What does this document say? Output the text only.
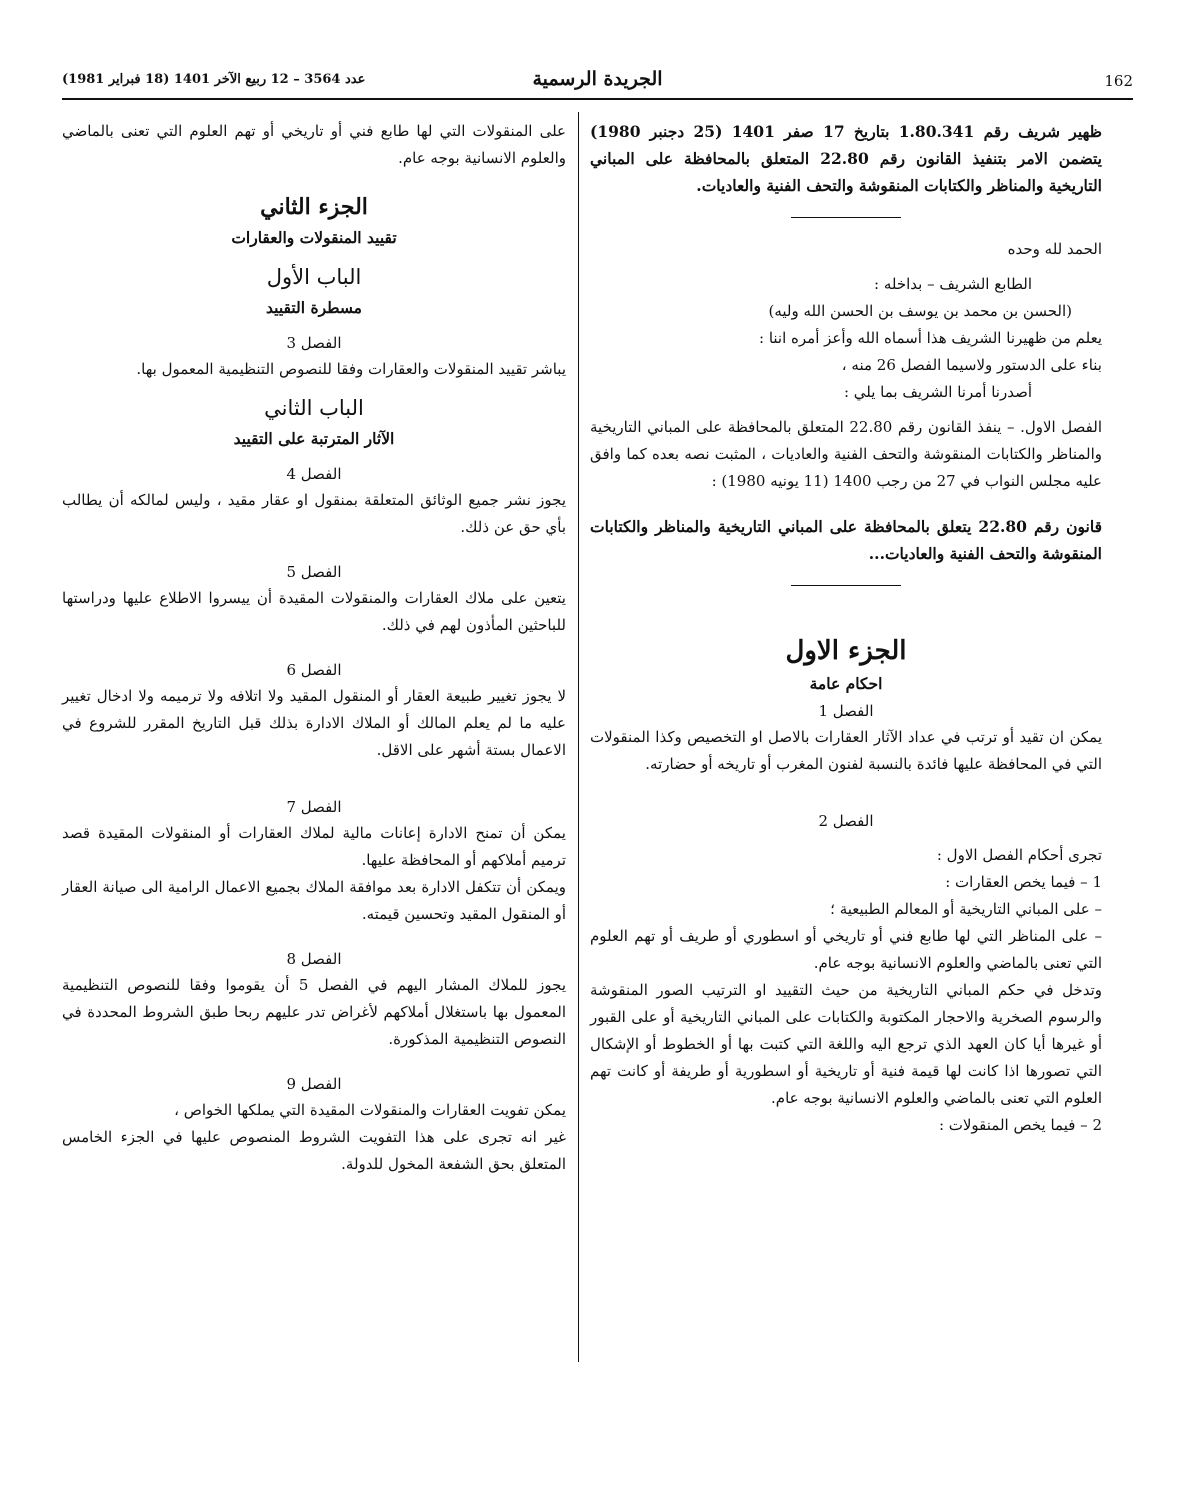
162
الجريدة الرسمية
عدد 3564 – 12 ربيع الآخر 1401 (18 فبراير 1981)

ظهير شريف رقم 1.80.341 بتاريخ 17 صفر 1401 (25 دجنبر 1980) يتضمن الامر بتنفيذ القانون رقم 22.80 المتعلق بالمحافظة على المباني التاريخية والمناظر والكتابات المنقوشة والتحف الفنية والعاديات.

الحمد لله وحده

الطابع الشريف – بداخله :

(الحسن بن محمد بن يوسف بن الحسن الله وليه)

يعلم من ظهيرنا الشريف هذا أسماه الله وأعز أمره اننا :

بناء على الدستور ولاسيما الفصل 26 منه ،

أصدرنا أمرنا الشريف بما يلي :

الفصل الاول. – ينفذ القانون رقم 22.80 المتعلق بالمحافظة على المباني التاريخية والمناظر والكتابات المنقوشة والتحف الفنية والعاديات ، المثبت نصه بعده كما وافق عليه مجلس النواب في 27 من رجب 1400 (11 يونيه 1980) :

قانون رقم 22.80 يتعلق بالمحافظة على المباني التاريخية والمناظر والكتابات المنقوشة والتحف الفنية والعاديات...

الجزء الاول
احكام عامة
الفصل 1

يمكن ان تقيد أو ترتب في عداد الآثار العقارات بالاصل او التخصيص وكذا المنقولات التي في المحافظة عليها فائدة بالنسبة لفنون المغرب أو تاريخه أو حضارته.

الفصل 2

تجرى أحكام الفصل الاول :

1 – فيما يخص العقارات :

– على المباني التاريخية أو المعالم الطبيعية ؛

– على المناظر التي لها طابع فني أو تاريخي أو اسطوري أو طريف أو تهم العلوم التي تعنى بالماضي والعلوم الانسانية بوجه عام.

وتدخل في حكم المباني التاريخية من حيث التقييد او الترتيب الصور المنقوشة والرسوم الصخرية والاحجار المكتوبة والكتابات على المباني التاريخية أو على القبور أو غيرها أيا كان العهد الذي ترجع اليه واللغة التي كتبت بها أو الخطوط أو الإشكال التي تصورها اذا كانت لها قيمة فنية أو تاريخية أو اسطورية أو طريفة أو كانت تهم العلوم التي تعنى بالماضي والعلوم الانسانية بوجه عام.

2 – فيما يخص المنقولات :

على المنقولات التي لها طابع فني أو تاريخي أو تهم العلوم التي تعنى بالماضي والعلوم الانسانية بوجه عام.

الجزء الثاني
تقييد المنقولات والعقارات
الباب الأول
مسطرة التقييد
الفصل 3

يباشر تقييد المنقولات والعقارات وفقا للنصوص التنظيمية المعمول بها.

الباب الثاني
الآثار المترتبة على التقييد
الفصل 4

يجوز نشر جميع الوثائق المتعلقة بمنقول او عقار مقيد ، وليس لمالكه أن يطالب بأي حق عن ذلك.

الفصل 5

يتعين على ملاك العقارات والمنقولات المقيدة أن ييسروا الاطلاع عليها ودراستها للباحثين المأذون لهم في ذلك.

الفصل 6

لا يجوز تغيير طبيعة العقار أو المنقول المقيد ولا اتلافه ولا ترميمه ولا ادخال تغيير عليه ما لم يعلم المالك أو الملاك الادارة بذلك قبل التاريخ المقرر للشروع في الاعمال بستة أشهر على الاقل.

الفصل 7

يمكن أن تمنح الادارة إعانات مالية لملاك العقارات أو المنقولات المقيدة قصد ترميم أملاكهم أو المحافظة عليها.

ويمكن أن تتكفل الادارة بعد موافقة الملاك بجميع الاعمال الرامية الى صيانة العقار أو المنقول المقيد وتحسين قيمته.

الفصل 8

يجوز للملاك المشار اليهم في الفصل 5 أن يقوموا وفقا للنصوص التنظيمية المعمول بها باستغلال أملاكهم لأغراض تدر عليهم ربحا طبق الشروط المحددة في النصوص التنظيمية المذكورة.

الفصل 9

يمكن تفويت العقارات والمنقولات المقيدة التي يملكها الخواص ،

غير انه تجرى على هذا التفويت الشروط المنصوص عليها في الجزء الخامس المتعلق بحق الشفعة المخول للدولة.
